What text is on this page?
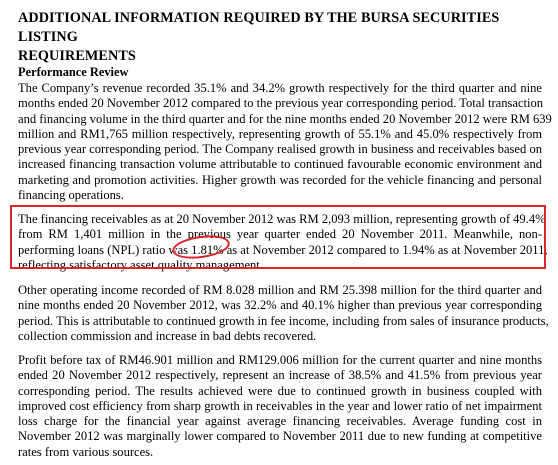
ADDITIONAL INFORMATION REQUIRED BY THE BURSA SECURITIES LISTING
REQUIREMENTS
Performance Review
The Company’s revenue recorded 35.1% and 34.2% growth respectively for the third quarter and nine
months ended 20 November 2012 compared to the previous year corresponding period. Total transaction
and financing volume in the third quarter and for the nine months ended 20 November 2012 were RM 639
million and RM1,765 million respectively, representing growth of 55.1% and 45.0% respectively from
previous year corresponding period. The Company realised growth in business and receivables based on
increased financing transaction volume attributable to continued favourable economic environment and
marketing and promotion activities. Higher growth was recorded for the vehicle financing and personal
financing operations.
The financing receivables as at 20 November 2012 was RM 2,093 million, representing growth of 49.4%
from RM 1,401 million in the previous year quarter ended 20 November 2011. Meanwhile, non-
performing loans (NPL) ratio was 1.81% as at November 2012 compared to 1.94% as at November 2011,
reflecting satisfactory asset quality management.
Other operating income recorded of RM 8.028 million and RM 25.398 million for the third quarter and
nine months ended 20 November 2012, was 32.2% and 40.1% higher than previous year corresponding
period. This is attributable to continued growth in fee income, including from sales of insurance products,
collection commission and increase in bad debts recovered.
Profit before tax of RM46.901 million and RM129.006 million for the current quarter and nine months
ended 20 November 2012 respectively, represent an increase of 38.5% and 41.5% from previous year
corresponding period. The results achieved were due to continued growth in business coupled with
improved cost efficiency from sharp growth in receivables in the year and lower ratio of net impairment
loss charge for the financial year against average financing receivables. Average funding cost in
November 2012 was marginally lower compared to November 2011 due to new funding at competitive
rates from various sources.
